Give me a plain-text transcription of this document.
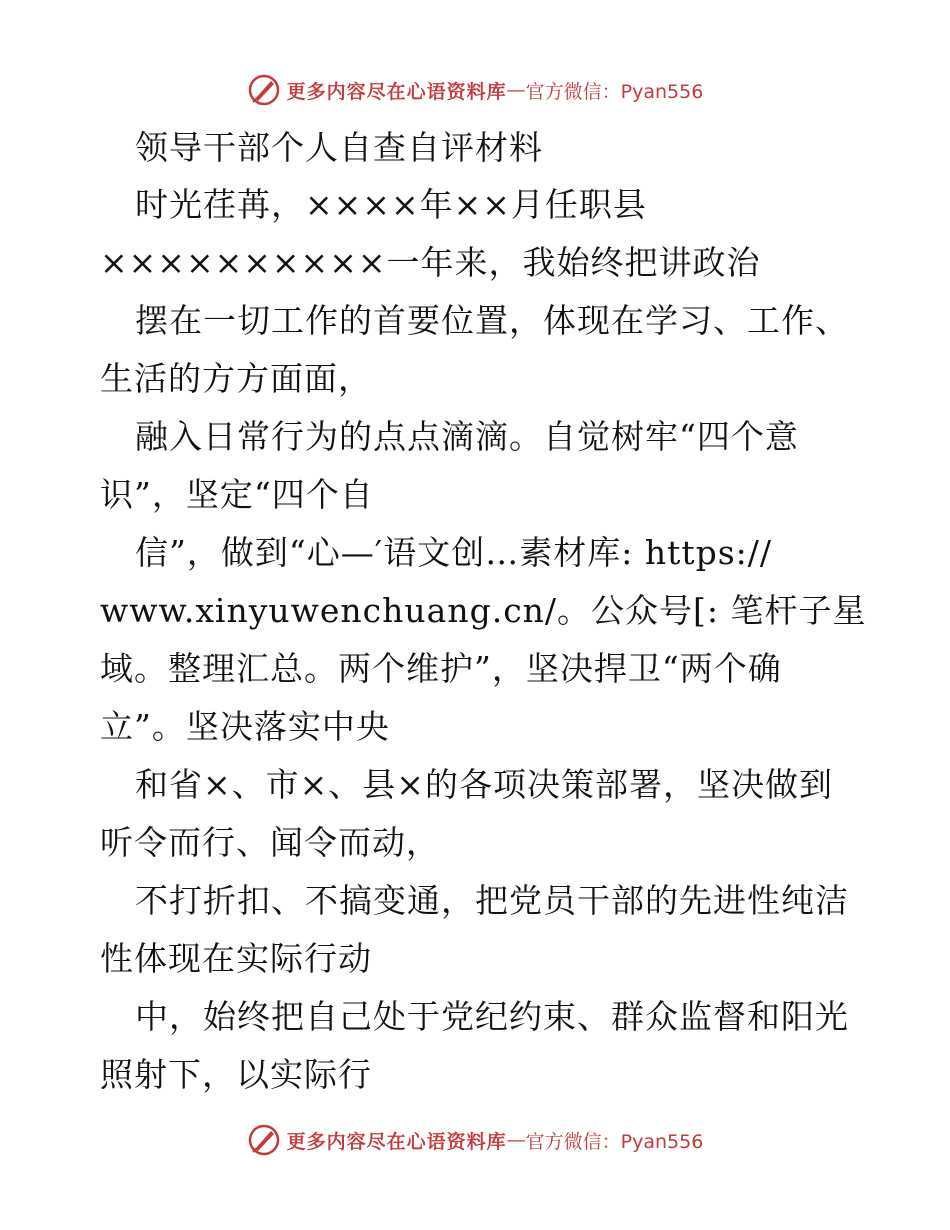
更多内容尽在心语资料库 — 官方微信：Pyan556
领导干部个人自查自评材料
时光荏苒，××××年××月任职县
××××××××××一年来，我始终把讲政治
摆在一切工作的首要位置，体现在学习、工作、
生活的方方面面，
融入日常行为的点点滴滴。自觉树牢“四个意
识”，坚定“四个自
信”，做到“心—′语文创…素材库: https://
www.xinyuwenchuang.cn/。公众号[: 笔杆子星
域。整理汇总。两个维护”，坚决捍卫“两个确
立”。坚决落实中央
和省×、市×、县×的各项决策部署，坚决做到
听令而行、闻令而动，
不打折扣、不搞变通，把党员干部的先进性纯洁
性体现在实际行动
中，始终把自己处于党纪约束、群众监督和阳光
照射下，以实际行
更多内容尽在心语资料库 — 官方微信：Pyan556
